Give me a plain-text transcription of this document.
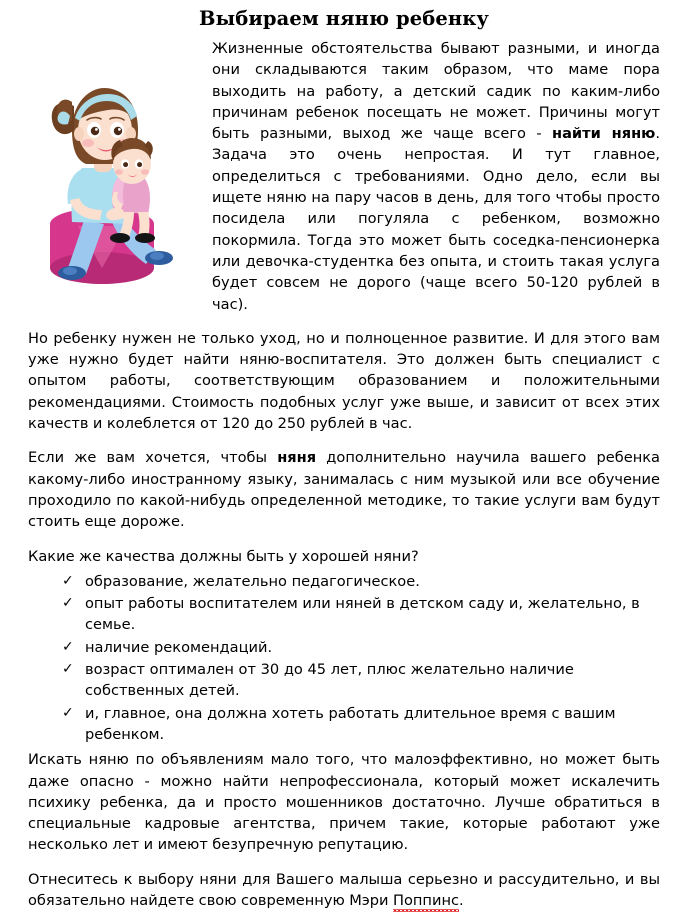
Выбираем няню ребенку

Жизненные обстоятельства бывают разными, и иногда они складываются таким образом, что маме пора выходить на работу, а детский садик по каким-либо причинам ребенок посещать не может. Причины могут быть разными, выход же чаще всего - найти няню. Задача это очень непростая. И тут главное, определиться с требованиями. Одно дело, если вы ищете няню на пару часов в день, для того чтобы просто посидела или погуляла с ребенком, возможно покормила. Тогда это может быть соседка-пенсионерка или девочка-студентка без опыта, и стоить такая услуга будет совсем не дорого (чаще всего 50-120 рублей в час).

Но ребенку нужен не только уход, но и полноценное развитие. И для этого вам уже нужно будет найти няню-воспитателя. Это должен быть специалист с опытом работы, соответствующим образованием и положительными рекомендациями. Стоимость подобных услуг уже выше, и зависит от всех этих качеств и колеблется от 120 до 250 рублей в час.

Если же вам хочется, чтобы няня дополнительно научила вашего ребенка какому-либо иностранному языку, занималась с ним музыкой или все обучение проходило по какой-нибудь определенной методике, то такие услуги вам будут стоить еще дороже.

Какие же качества должны быть у хорошей няни?

✓ образование, желательно педагогическое.
✓ опыт работы воспитателем или няней в детском саду и, желательно, в семье.
✓ наличие рекомендаций.
✓ возраст оптимален от 30 до 45 лет, плюс желательно наличие собственных детей.
✓ и, главное, она должна хотеть работать длительное время с вашим ребенком.

Искать няню по объявлениям мало того, что малоэффективно, но может быть даже опасно - можно найти непрофессионала, который может искалечить психику ребенка, да и просто мошенников достаточно. Лучше обратиться в специальные кадровые агентства, причем такие, которые работают уже несколько лет и имеют безупречную репутацию.

Отнеситесь к выбору няни для Вашего малыша серьезно и рассудительно, и вы обязательно найдете свою современную Мэри Поппинс.
